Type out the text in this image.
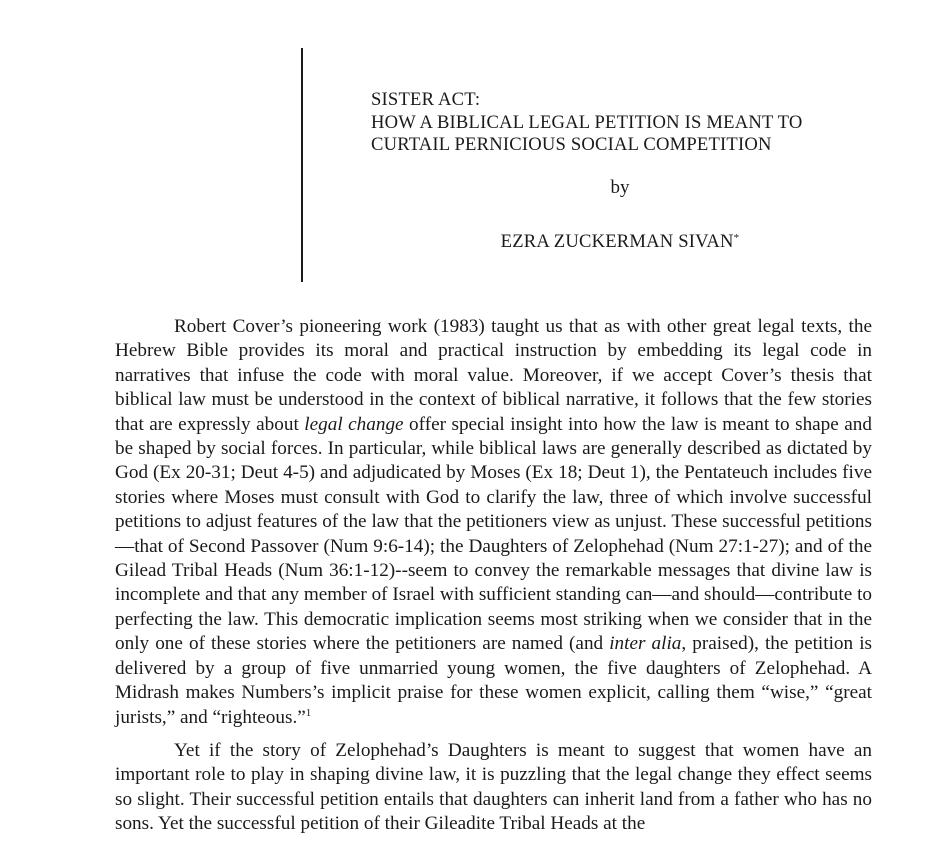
SISTER ACT:
HOW A BIBLICAL LEGAL PETITION IS MEANT TO
CURTAIL PERNICIOUS SOCIAL COMPETITION
by
EZRA ZUCKERMAN SIVAN*

Robert Cover’s pioneering work (1983) taught us that as with other great legal texts, the Hebrew Bible provides its moral and practical instruction by embedding its legal code in narratives that infuse the code with moral value. Moreover, if we accept Cover’s thesis that biblical law must be understood in the context of biblical narrative, it follows that the few stories that are expressly about legal change offer special insight into how the law is meant to shape and be shaped by social forces. In particular, while biblical laws are generally described as dictated by God (Ex 20-31; Deut 4-5) and adjudicated by Moses (Ex 18; Deut 1), the Pentateuch includes five stories where Moses must consult with God to clarify the law, three of which involve successful petitions to adjust features of the law that the petitioners view as unjust. These successful petitions—that of Second Passover (Num 9:6-14); the Daughters of Zelophehad (Num 27:1-27); and of the Gilead Tribal Heads (Num 36:1-12)--seem to convey the remarkable messages that divine law is incomplete and that any member of Israel with sufficient standing can—and should—contribute to perfecting the law. This democratic implication seems most striking when we consider that in the only one of these stories where the petitioners are named (and inter alia, praised), the petition is delivered by a group of five unmarried young women, the five daughters of Zelophehad. A Midrash makes Numbers’s implicit praise for these women explicit, calling them “wise,” “great jurists,” and “righteous.”$^1$

Yet if the story of Zelophehad’s Daughters is meant to suggest that women have an important role to play in shaping divine law, it is puzzling that the legal change they effect seems so slight. Their successful petition entails that daughters can inherit land from a father who has no sons. Yet the successful petition of their Gileadite Tribal Heads at the
